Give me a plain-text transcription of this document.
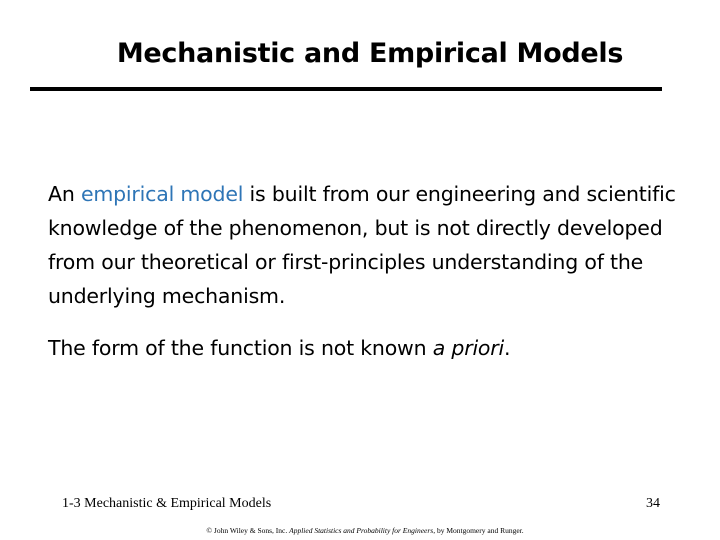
Mechanistic and Empirical Models
An empirical model is built from our engineering and scientific knowledge of the phenomenon, but is not directly developed from our theoretical or first-principles understanding of the underlying mechanism.
The form of the function is not known a priori.
1-3 Mechanistic & Empirical Models	34
© John Wiley & Sons, Inc. Applied Statistics and Probability for Engineers, by Montgomery and Runger.
